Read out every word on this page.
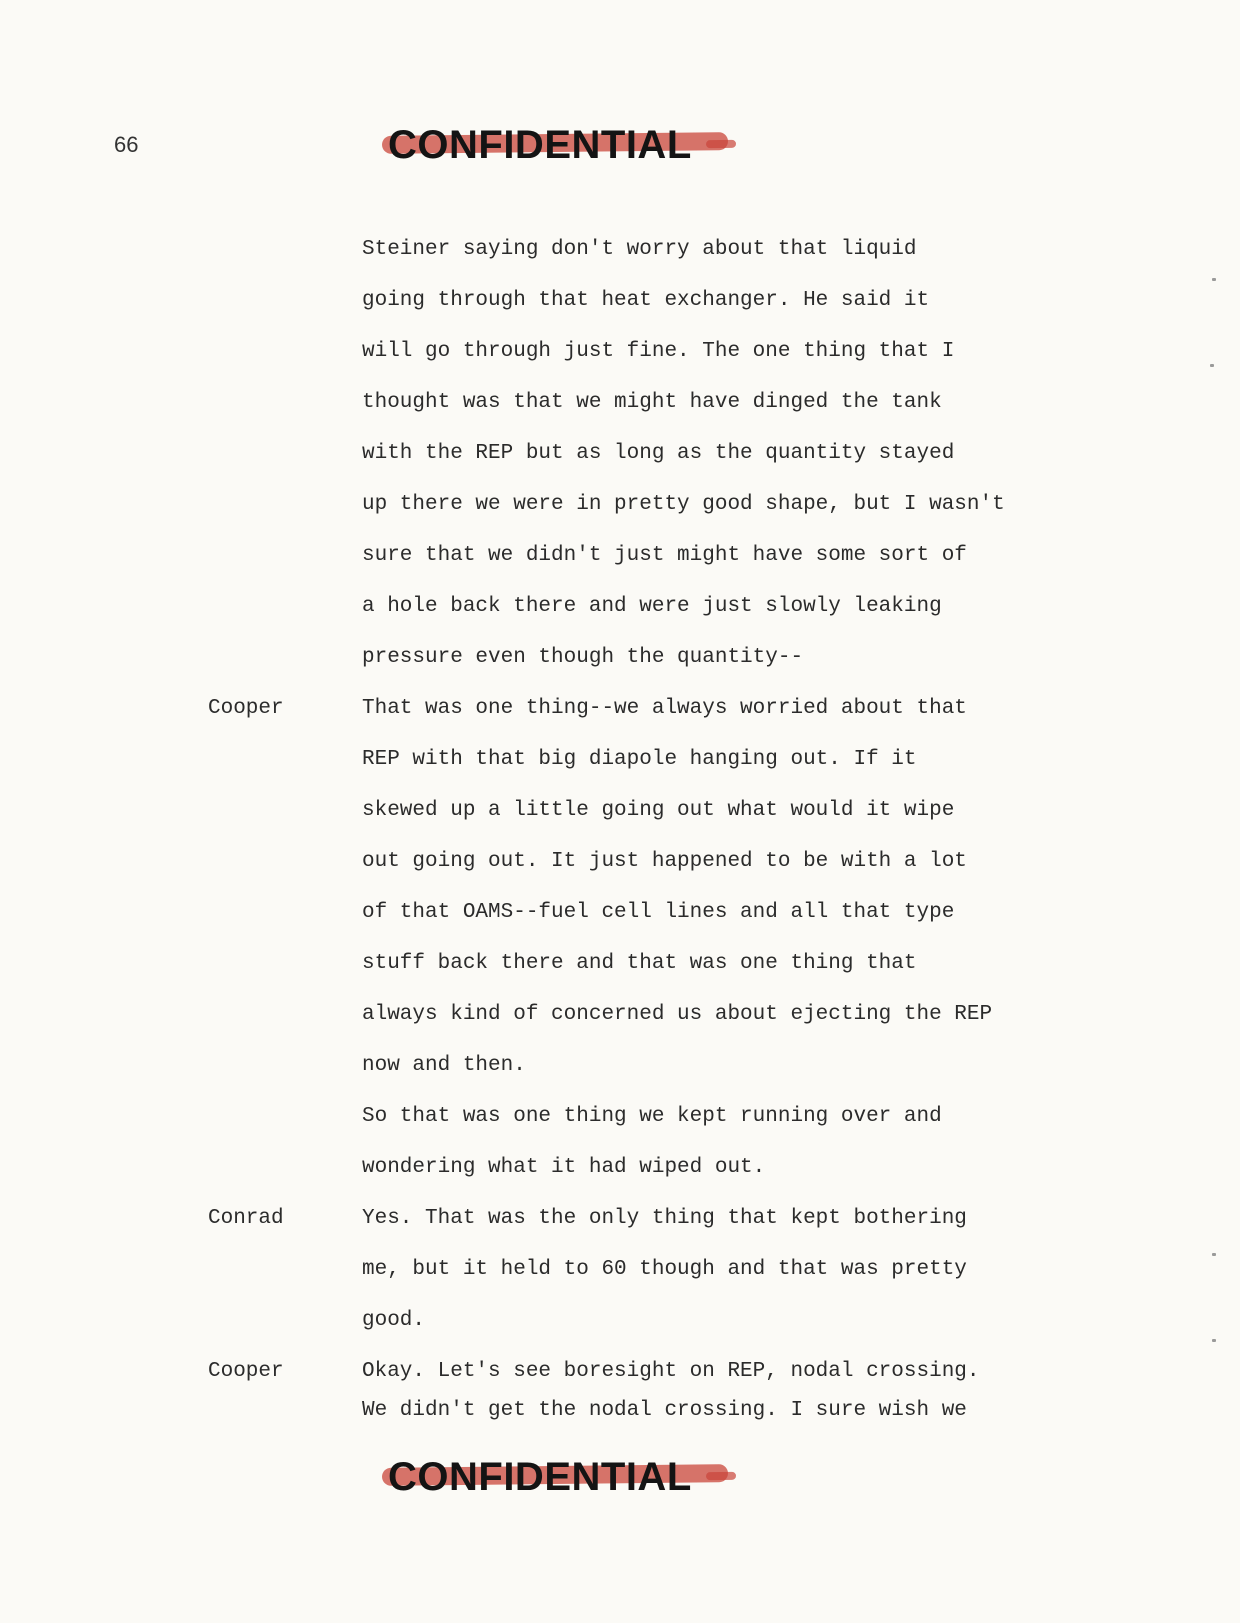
66	CONFIDENTIAL
Steiner saying don't worry about that liquid
going through that heat exchanger. He said it
will go through just fine. The one thing that I
thought was that we might have dinged the tank
with the REP but as long as the quantity stayed
up there we were in pretty good shape, but I wasn't
sure that we didn't just might have some sort of
a hole back there and were just slowly leaking
pressure even though the quantity--
Cooper	That was one thing--we always worried about that
REP with that big diapole hanging out. If it
skewed up a little going out what would it wipe
out going out. It just happened to be with a lot
of that OAMS--fuel cell lines and all that type
stuff back there and that was one thing that
always kind of concerned us about ejecting the REP
now and then.
So that was one thing we kept running over and
wondering what it had wiped out.
Conrad	Yes. That was the only thing that kept bothering
me, but it held to 60 though and that was pretty
good.
Cooper	Okay. Let's see boresight on REP, nodal crossing.
We didn't get the nodal crossing. I sure wish we
CONFIDENTIAL
